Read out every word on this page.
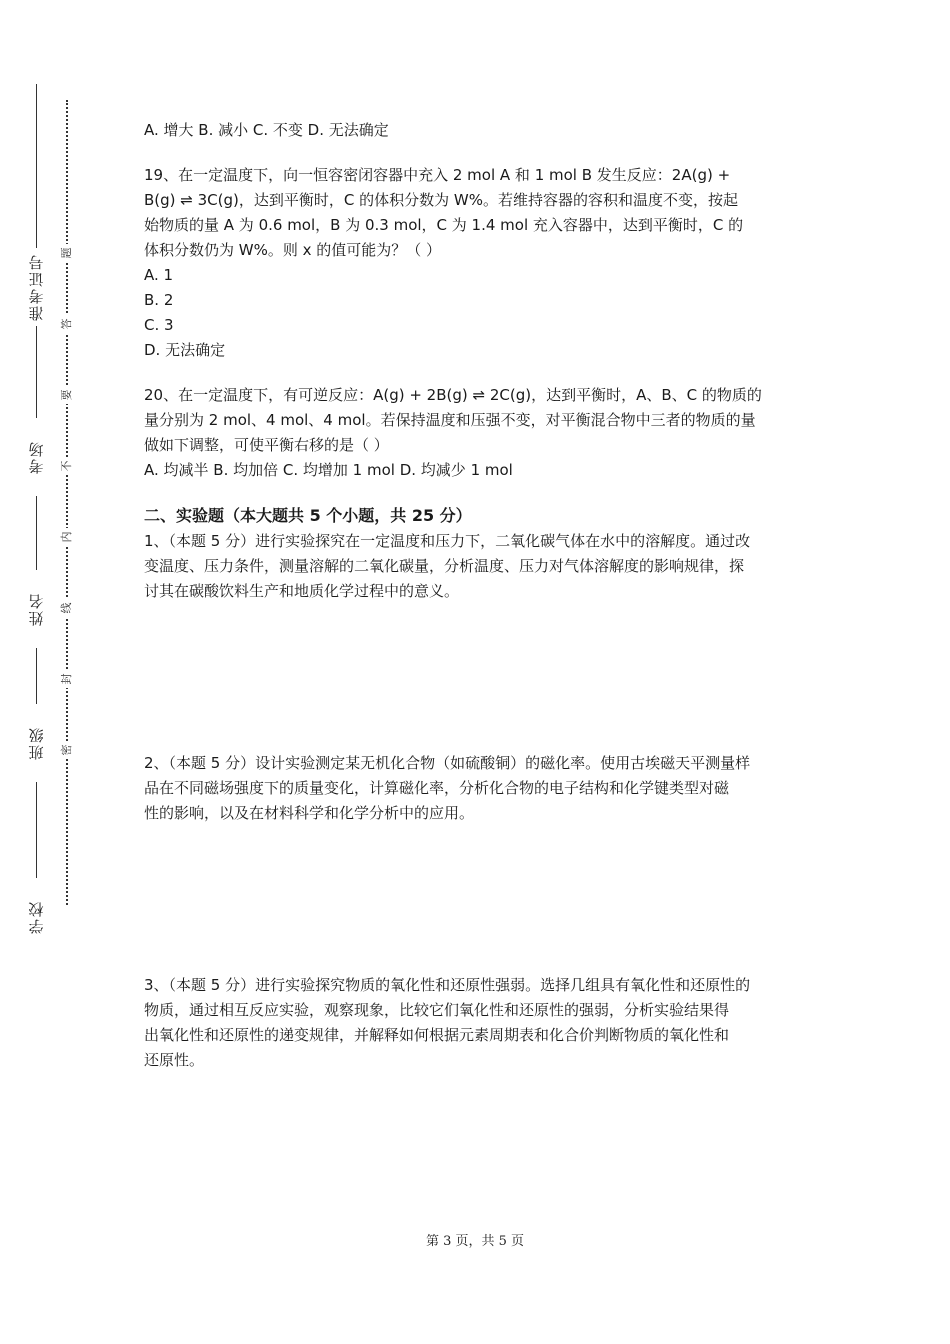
准考证号
考场
姓名
班级
学校
题
答
要
不
内
线
封
密
A. 增大 B. 减小 C. 不变 D. 无法确定
19、在一定温度下，向一恒容密闭容器中充入 2 mol A 和 1 mol B 发生反应：2A(g) +
B(g) ⇌ 3C(g)，达到平衡时，C 的体积分数为 W%。若维持容器的容积和温度不变，按起
始物质的量 A 为 0.6 mol，B 为 0.3 mol，C 为 1.4 mol 充入容器中，达到平衡时，C 的
体积分数仍为 W%。则 x 的值可能为？（ ）
A. 1
B. 2
C. 3
D. 无法确定
20、在一定温度下，有可逆反应：A(g) + 2B(g) ⇌ 2C(g)，达到平衡时，A、B、C 的物质的
量分别为 2 mol、4 mol、4 mol。若保持温度和压强不变，对平衡混合物中三者的物质的量
做如下调整，可使平衡右移的是（ ）
A. 均减半 B. 均加倍 C. 均增加 1 mol D. 均减少 1 mol
二、实验题（本大题共 5 个小题，共 25 分）
1、（本题 5 分）进行实验探究在一定温度和压力下，二氧化碳气体在水中的溶解度。通过改
变温度、压力条件，测量溶解的二氧化碳量，分析温度、压力对气体溶解度的影响规律，探
讨其在碳酸饮料生产和地质化学过程中的意义。
2、（本题 5 分）设计实验测定某无机化合物（如硫酸铜）的磁化率。使用古埃磁天平测量样
品在不同磁场强度下的质量变化，计算磁化率，分析化合物的电子结构和化学键类型对磁
性的影响，以及在材料科学和化学分析中的应用。
3、（本题 5 分）进行实验探究物质的氧化性和还原性强弱。选择几组具有氧化性和还原性的
物质，通过相互反应实验，观察现象，比较它们氧化性和还原性的强弱，分析实验结果得
出氧化性和还原性的递变规律，并解释如何根据元素周期表和化合价判断物质的氧化性和
还原性。
第 3 页，共 5 页
